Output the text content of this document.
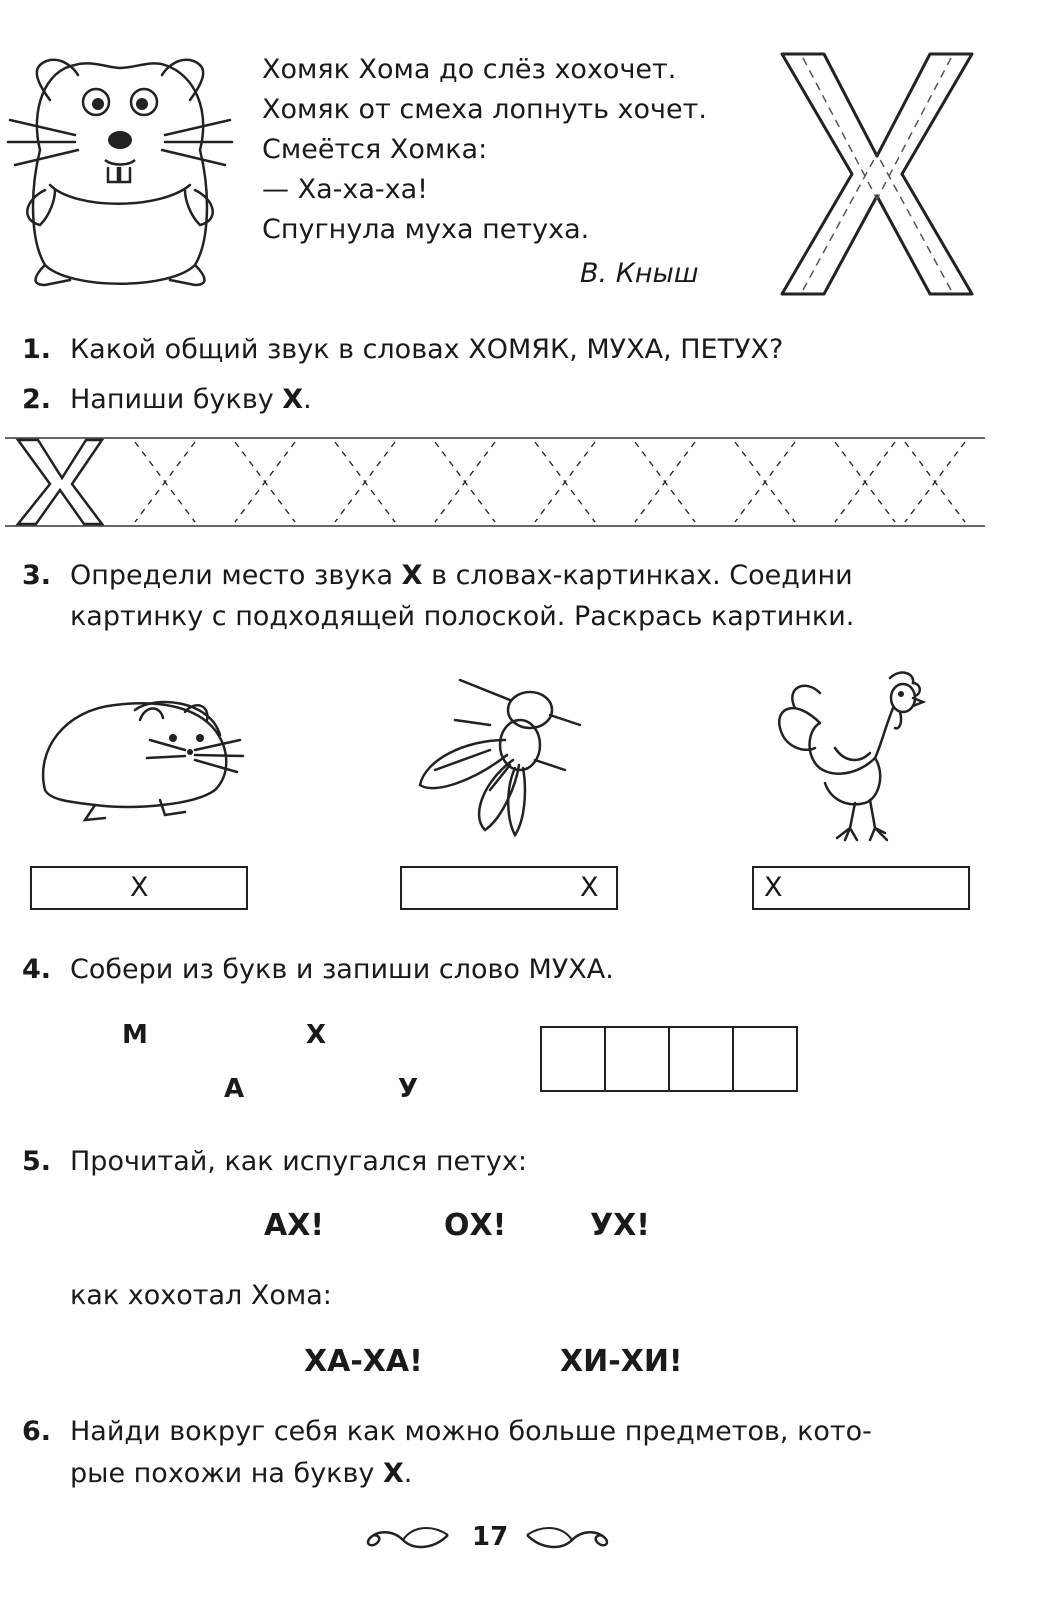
Хомяк Хома до слёз хохочет.
Хомяк от смеха лопнуть хочет.
Смеётся Хомка:
— Ха-ха-ха!
Спугнула муха петуха.
В. Кныш
1. Какой общий звук в словах ХОМЯК, МУХА, ПЕТУХ?
2. Напиши букву Х.
3. Определи место звука Х в словах-картинках. Соедини
картинку с подходящей полоской. Раскрась картинки.
Х	Х	Х
4. Собери из букв и запиши слово МУХА.
М	Х
А	У
5. Прочитай, как испугался петух:
АХ!	ОХ!	УХ!
как хохотал Хома:
ХА-ХА!	ХИ-ХИ!
6. Найди вокруг себя как можно больше предметов, кото-
рые похожи на букву Х.
17
